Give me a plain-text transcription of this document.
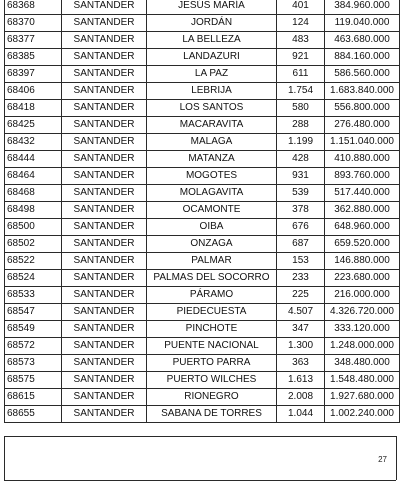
68368	SANTANDER	JESÚS MARÍA	401	384.960.000
68370	SANTANDER	JORDÁN	124	119.040.000
68377	SANTANDER	LA BELLEZA	483	463.680.000
68385	SANTANDER	LANDAZURI	921	884.160.000
68397	SANTANDER	LA PAZ	611	586.560.000
68406	SANTANDER	LEBRIJA	1.754	1.683.840.000
68418	SANTANDER	LOS SANTOS	580	556.800.000
68425	SANTANDER	MACARAVITA	288	276.480.000
68432	SANTANDER	MALAGA	1.199	1.151.040.000
68444	SANTANDER	MATANZA	428	410.880.000
68464	SANTANDER	MOGOTES	931	893.760.000
68468	SANTANDER	MOLAGAVITA	539	517.440.000
68498	SANTANDER	OCAMONTE	378	362.880.000
68500	SANTANDER	OIBA	676	648.960.000
68502	SANTANDER	ONZAGA	687	659.520.000
68522	SANTANDER	PALMAR	153	146.880.000
68524	SANTANDER	PALMAS DEL SOCORRO	233	223.680.000
68533	SANTANDER	PÁRAMO	225	216.000.000
68547	SANTANDER	PIEDECUESTA	4.507	4.326.720.000
68549	SANTANDER	PINCHOTE	347	333.120.000
68572	SANTANDER	PUENTE NACIONAL	1.300	1.248.000.000
68573	SANTANDER	PUERTO PARRA	363	348.480.000
68575	SANTANDER	PUERTO WILCHES	1.613	1.548.480.000
68615	SANTANDER	RIONEGRO	2.008	1.927.680.000
68655	SANTANDER	SABANA DE TORRES	1.044	1.002.240.000
27
